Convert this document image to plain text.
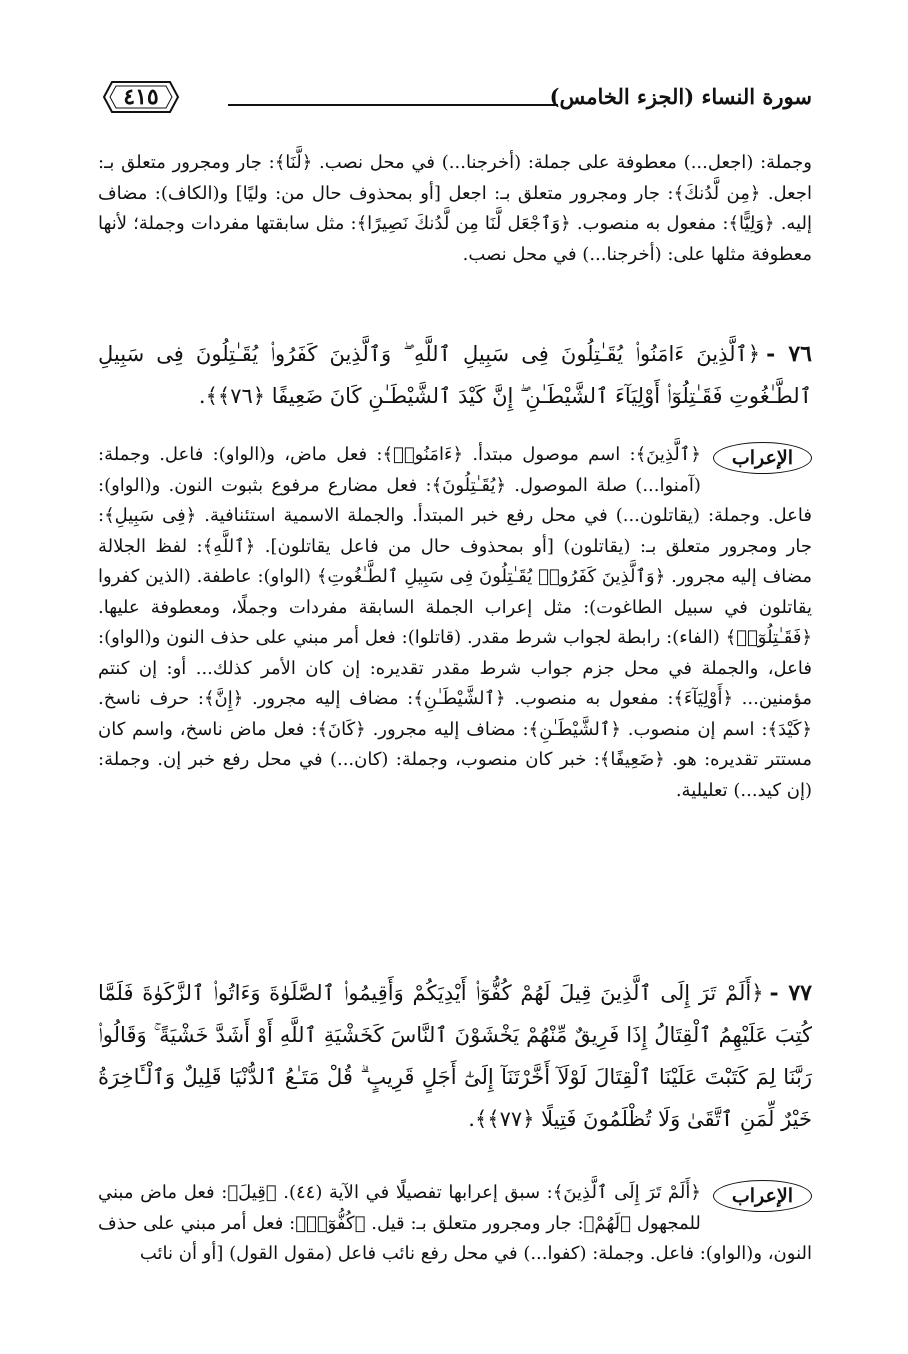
سورة النساء (الجزء الخامس)
٤١٥

وجملة: (اجعل...) معطوفة على جملة: (أخرجنا...) في محل نصب. ﴿لَّنَا﴾: جار ومجرور متعلق بـ: اجعل. ﴿مِن لَّدُنكَ﴾: جار ومجرور متعلق بـ: اجعل [أو بمحذوف حال من: وليًا] و(الكاف): مضاف إليه. ﴿وَلِيًّا﴾: مفعول به منصوب. ﴿وَٱجْعَل لَّنَا مِن لَّدُنكَ نَصِيرًا﴾: مثل سابقتها مفردات وجملة؛ لأنها معطوفة مثلها على: (أخرجنا...) في محل نصب.

٧٦ -﴿ٱلَّذِينَ ءَامَنُوا۟ يُقَـٰتِلُونَ فِى سَبِيلِ ٱللَّهِ ۖ وَٱلَّذِينَ كَفَرُوا۟ يُقَـٰتِلُونَ فِى سَبِيلِ ٱلطَّـٰغُوتِ فَقَـٰتِلُوٓا۟ أَوْلِيَآءَ ٱلشَّيْطَـٰنِ ۖ إِنَّ كَيْدَ ٱلشَّيْطَـٰنِ كَانَ ضَعِيفًا ﴿٧٦﴾﴾.
الإعراب

﴿ٱلَّذِينَ﴾: اسم موصول مبتدأ. ﴿ءَامَنُوا۟﴾: فعل ماض، و(الواو): فاعل. وجملة: (آمنوا...) صلة الموصول. ﴿يُقَـٰتِلُونَ﴾: فعل مضارع مرفوع بثبوت النون. و(الواو): فاعل. وجملة: (يقاتلون...) في محل رفع خبر المبتدأ. والجملة الاسمية استئنافية. ﴿فِى سَبِيلِ﴾: جار ومجرور متعلق بـ: (يقاتلون) [أو بمحذوف حال من فاعل يقاتلون]. ﴿ٱللَّهِ﴾: لفظ الجلالة مضاف إليه مجرور. ﴿وَٱلَّذِينَ كَفَرُوا۟ يُقَـٰتِلُونَ فِى سَبِيلِ ٱلطَّـٰغُوتِ﴾ (الواو): عاطفة. (الذين كفروا يقاتلون في سبيل الطاغوت): مثل إعراب الجملة السابقة مفردات وجملًا، ومعطوفة عليها. ﴿فَقَـٰتِلُوٓا۟﴾ (الفاء): رابطة لجواب شرط مقدر. (قاتلوا): فعل أمر مبني على حذف النون و(الواو): فاعل، والجملة في محل جزم جواب شرط مقدر تقديره: إن كان الأمر كذلك... أو: إن كنتم مؤمنين... ﴿أَوْلِيَآءَ﴾: مفعول به منصوب. ﴿ٱلشَّيْطَـٰنِ﴾: مضاف إليه مجرور. ﴿إِنَّ﴾: حرف ناسخ. ﴿كَيْدَ﴾: اسم إن منصوب. ﴿ٱلشَّيْطَـٰنِ﴾: مضاف إليه مجرور. ﴿كَانَ﴾: فعل ماض ناسخ، واسم كان مستتر تقديره: هو. ﴿ضَعِيفًا﴾: خبر كان منصوب، وجملة: (كان...) في محل رفع خبر إن. وجملة: (إن كيد...) تعليلية.

٧٧ -﴿أَلَمْ تَرَ إِلَى ٱلَّذِينَ قِيلَ لَهُمْ كُفُّوٓا۟ أَيْدِيَكُمْ وَأَقِيمُوا۟ ٱلصَّلَوٰةَ وَءَاتُوا۟ ٱلزَّكَوٰةَ فَلَمَّا كُتِبَ عَلَيْهِمُ ٱلْقِتَالُ إِذَا فَرِيقٌ مِّنْهُمْ يَخْشَوْنَ ٱلنَّاسَ كَخَشْيَةِ ٱللَّهِ أَوْ أَشَدَّ خَشْيَةً ۚ وَقَالُوا۟ رَبَّنَا لِمَ كَتَبْتَ عَلَيْنَا ٱلْقِتَالَ لَوْلَآ أَخَّرْتَنَآ إِلَىٰٓ أَجَلٍ قَرِيبٍ ۗ قُلْ مَتَـٰعُ ٱلدُّنْيَا قَلِيلٌ وَٱلْـَٔاخِرَةُ خَيْرٌ لِّمَنِ ٱتَّقَىٰ وَلَا تُظْلَمُونَ فَتِيلًا ﴿٧٧﴾﴾.
الإعراب

﴿أَلَمْ تَرَ إِلَى ٱلَّذِينَ﴾: سبق إعرابها تفصيلًا في الآية (٤٤). ﴿قِيلَ﴾: فعل ماض مبني للمجهول ﴿لَهُمْ﴾: جار ومجرور متعلق بـ: قيل. ﴿كُفُّوٓا۟﴾: فعل أمر مبني على حذف النون، و(الواو): فاعل. وجملة: (كفوا...) في محل رفع نائب فاعل (مقول القول) [أو أن نائب
